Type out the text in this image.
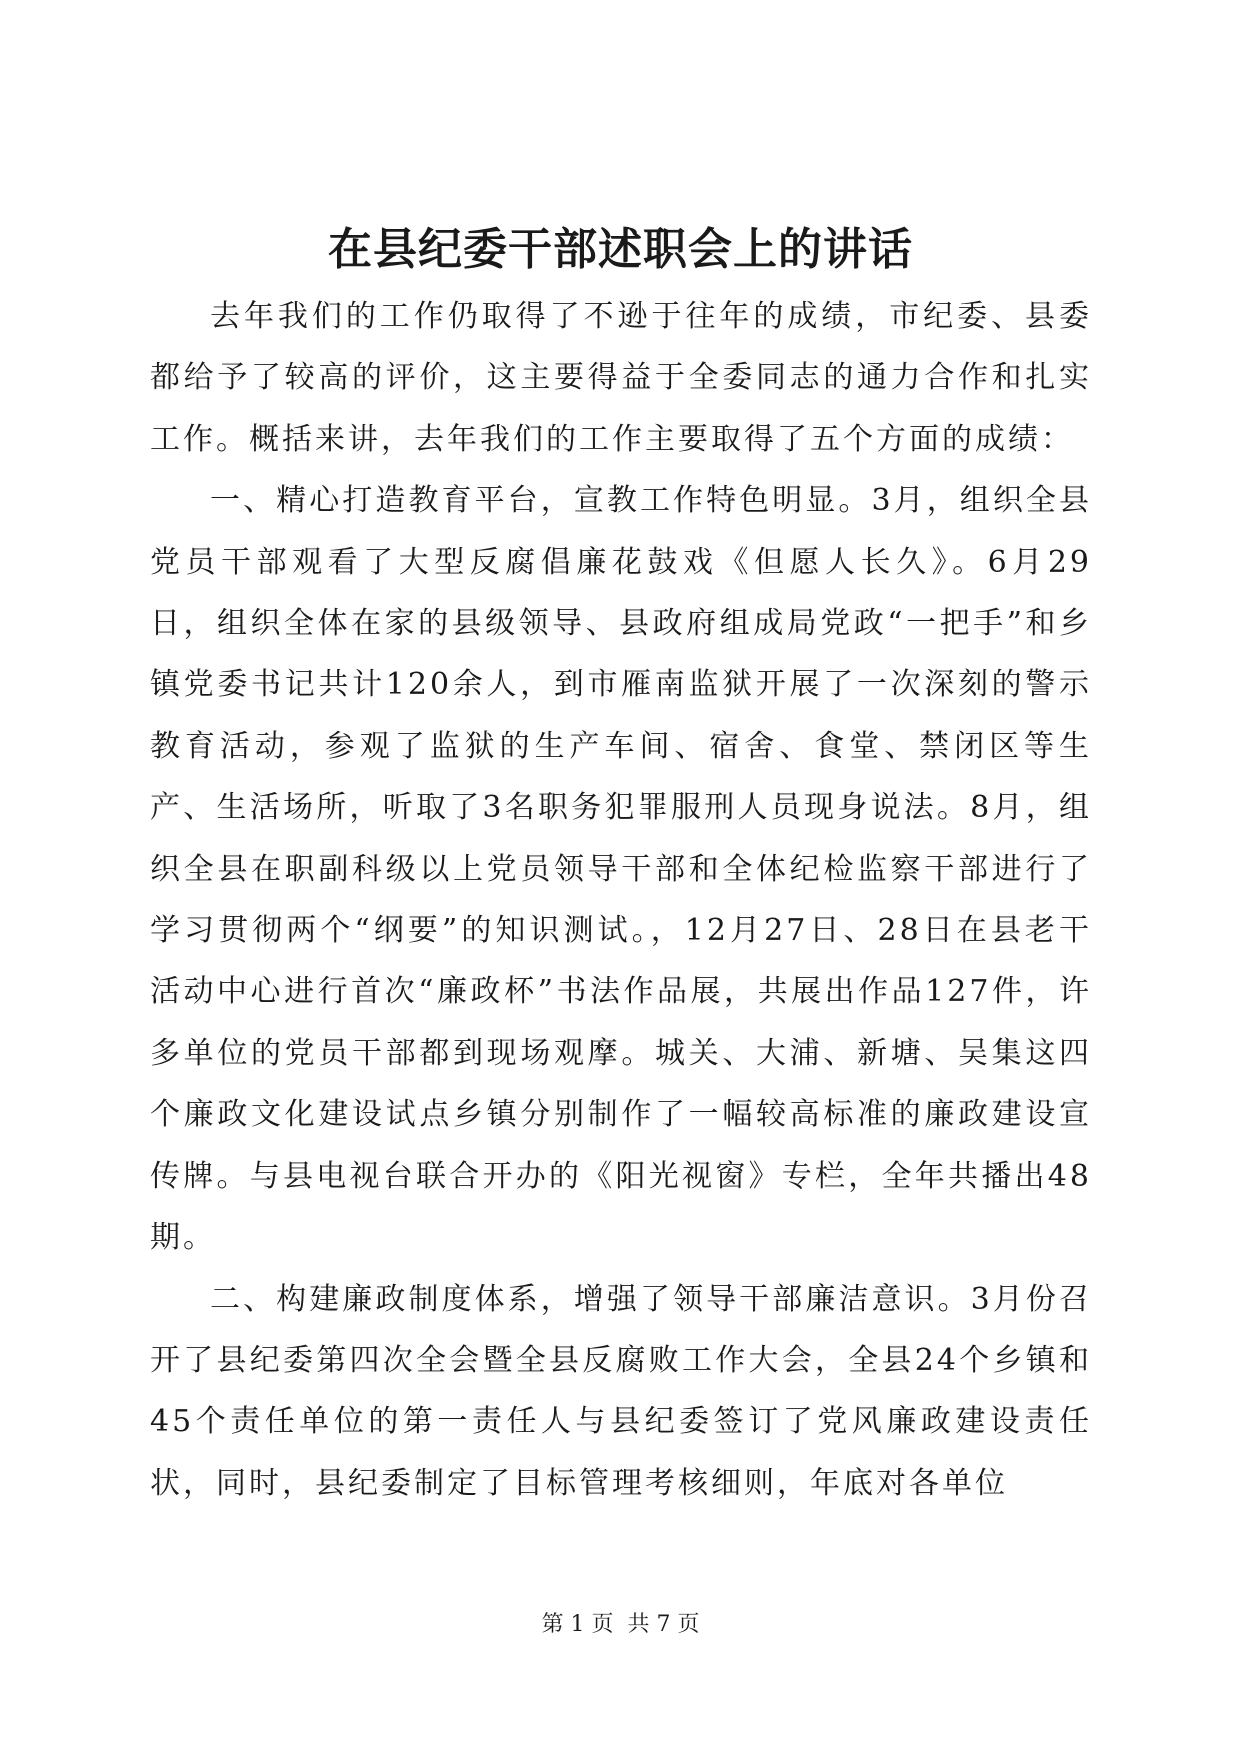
在县纪委干部述职会上的讲话

去年我们的工作仍取得了不逊于往年的成绩，市纪委、县委都给予了较高的评价，这主要得益于全委同志的通力合作和扎实工作。概括来讲，去年我们的工作主要取得了五个方面的成绩：

一、精心打造教育平台，宣教工作特色明显。3月，组织全县党员干部观看了大型反腐倡廉花鼓戏《但愿人长久》。6月29日，组织全体在家的县级领导、县政府组成局党政“一把手”和乡镇党委书记共计120余人，到市雁南监狱开展了一次深刻的警示教育活动，参观了监狱的生产车间、宿舍、食堂、禁闭区等生产、生活场所，听取了3名职务犯罪服刑人员现身说法。8月，组织全县在职副科级以上党员领导干部和全体纪检监察干部进行了学习贯彻两个“纲要”的知识测试。，12月27日、28日在县老干活动中心进行首次“廉政杯”书法作品展，共展出作品127件，许多单位的党员干部都到现场观摩。城关、大浦、新塘、吴集这四个廉政文化建设试点乡镇分别制作了一幅较高标准的廉政建设宣传牌。与县电视台联合开办的《阳光视窗》专栏，全年共播出48期。

二、构建廉政制度体系，增强了领导干部廉洁意识。3月份召开了县纪委第四次全会暨全县反腐败工作大会，全县24个乡镇和45个责任单位的第一责任人与县纪委签订了党风廉政建设责任状，同时，县纪委制定了目标管理考核细则，年底对各单位

第 1 页  共 7 页
